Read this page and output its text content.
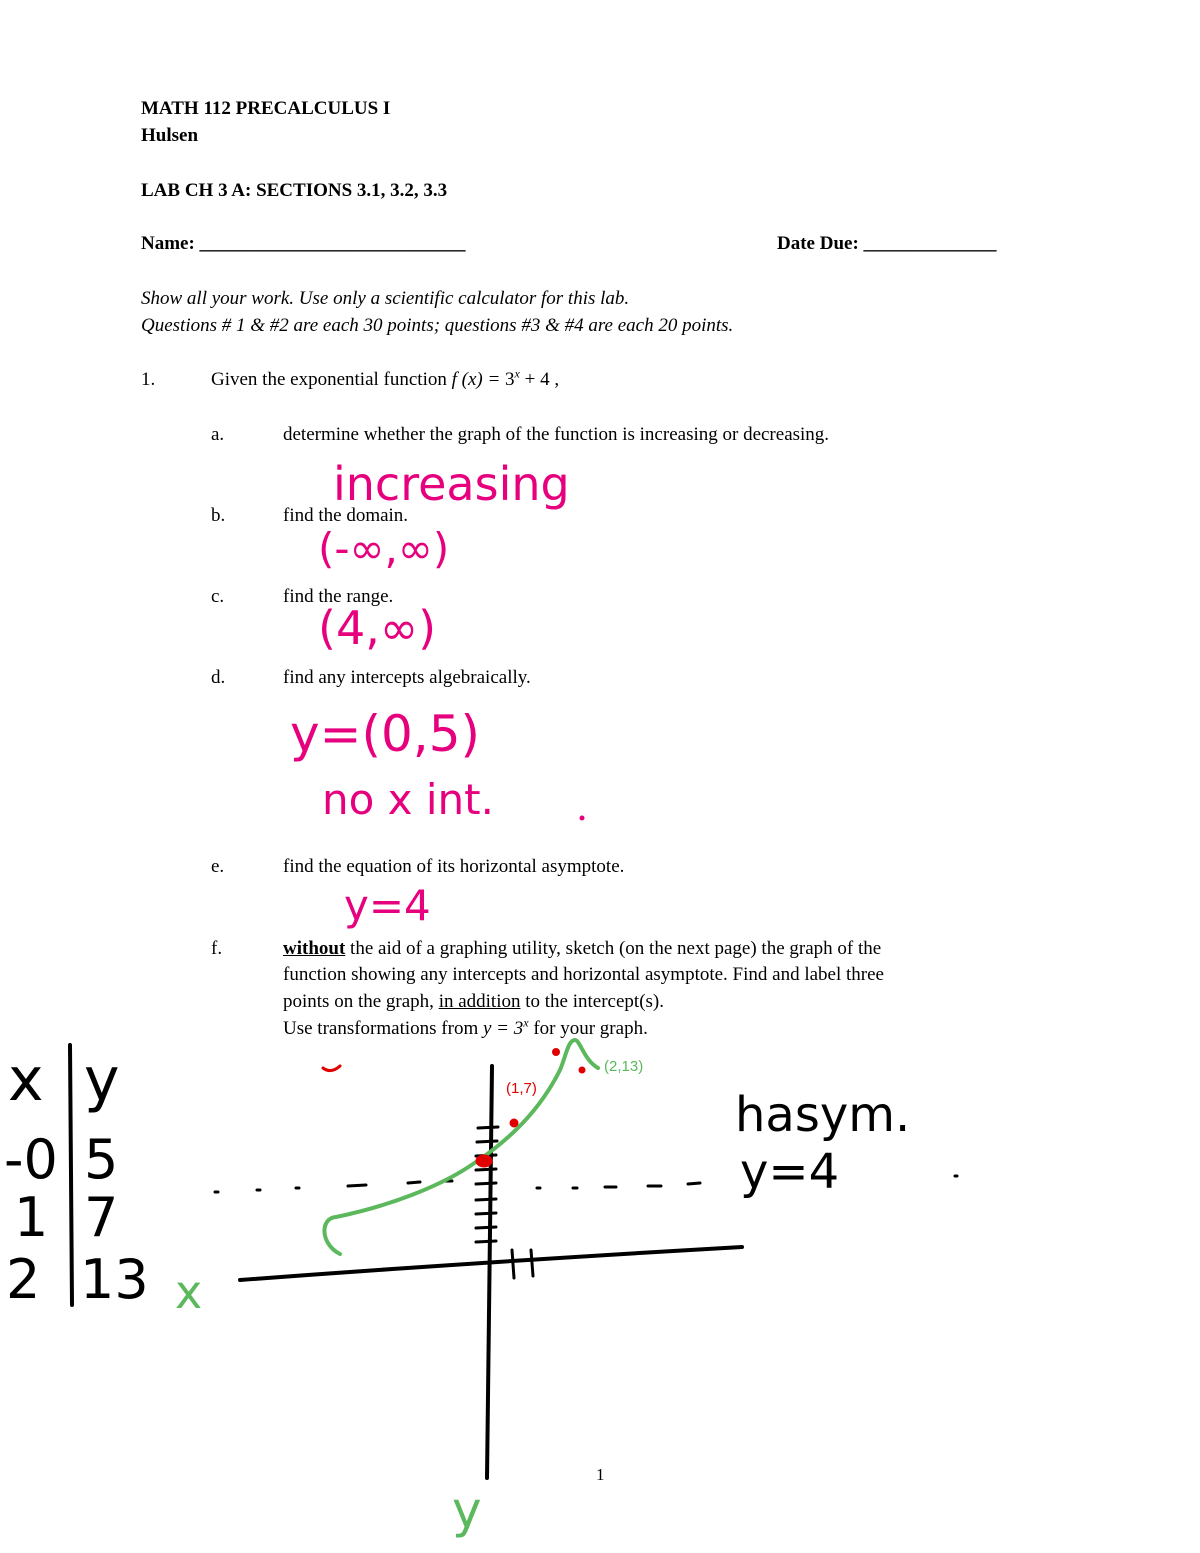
MATH 112 PRECALCULUS I
Hulsen
LAB CH 3 A: SECTIONS 3.1, 3.2, 3.3
Name: ____________________________	Date Due: ______________
Show all your work. Use only a scientific calculator for this lab.
Questions # 1 & #2 are each 30 points; questions #3 & #4 are each 20 points.
1.	Given the exponential function f $(x) = 3^x + 4$ ,
a.	determine whether the graph of the function is increasing or decreasing.
b.	find the domain.
c.	find the range.
d.	find any intercepts algebraically.
e.	find the equation of its horizontal asymptote.
f.	without the aid of a graphing utility, sketch (on the next page) the graph of the
function showing any intercepts and horizontal asymptote. Find and label three
points on the graph, in addition to the intercept(s).
Use transformations from $y = 3^x$ for your graph.
increasing
(-∞,∞)
(4,∞)
y=(0,5)
no x int.
y=4
hasym.
y=4
x y
-0 5
1 7
2 13 x
y
(1,7)
(2,13)
1
